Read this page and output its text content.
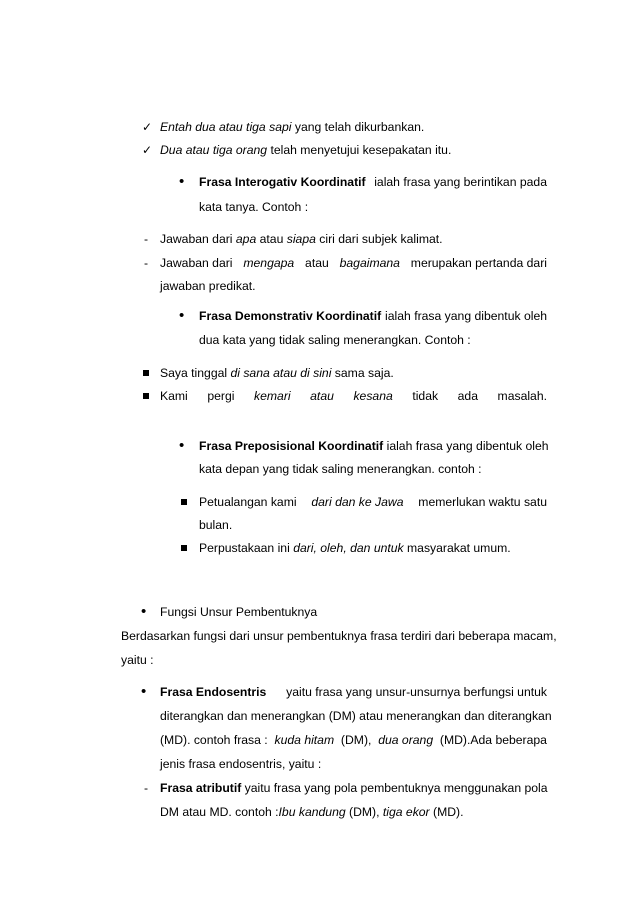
✓ Entah dua atau tiga sapi yang telah dikurbankan.
✓ Dua atau tiga orang telah menyetujui kesepakatan itu.
• Frasa Interogativ Koordinatif ialah frasa yang berintikan pada
kata tanya. Contoh :
- Jawaban dari apa atau siapa ciri dari subjek kalimat.
- Jawaban dari mengapa atau bagaimana merupakan pertanda dari
jawaban predikat.
• Frasa Demonstrativ Koordinatif ialah frasa yang dibentuk oleh
dua kata yang tidak saling menerangkan. Contoh :
Saya tinggal di sana atau di sini sama saja.
Kami pergi kemari atau kesana tidak ada masalah.
• Frasa Preposisional Koordinatif ialah frasa yang dibentuk oleh
kata depan yang tidak saling menerangkan. contoh :
Petualangan kami dari dan ke Jawa memerlukan waktu satu
bulan.
Perpustakaan ini dari, oleh, dan untuk masyarakat umum.
• Fungsi Unsur Pembentuknya
Berdasarkan fungsi dari unsur pembentuknya frasa terdiri dari beberapa macam,
yaitu :
• Frasa Endosentris yaitu frasa yang unsur-unsurnya berfungsi untuk
diterangkan dan menerangkan (DM) atau menerangkan dan diterangkan
(MD). contoh frasa : kuda hitam (DM), dua orang (MD).Ada beberapa
jenis frasa endosentris, yaitu :
- Frasa atributif yaitu frasa yang pola pembentuknya menggunakan pola
DM atau MD. contoh :Ibu kandung (DM), tiga ekor (MD).
